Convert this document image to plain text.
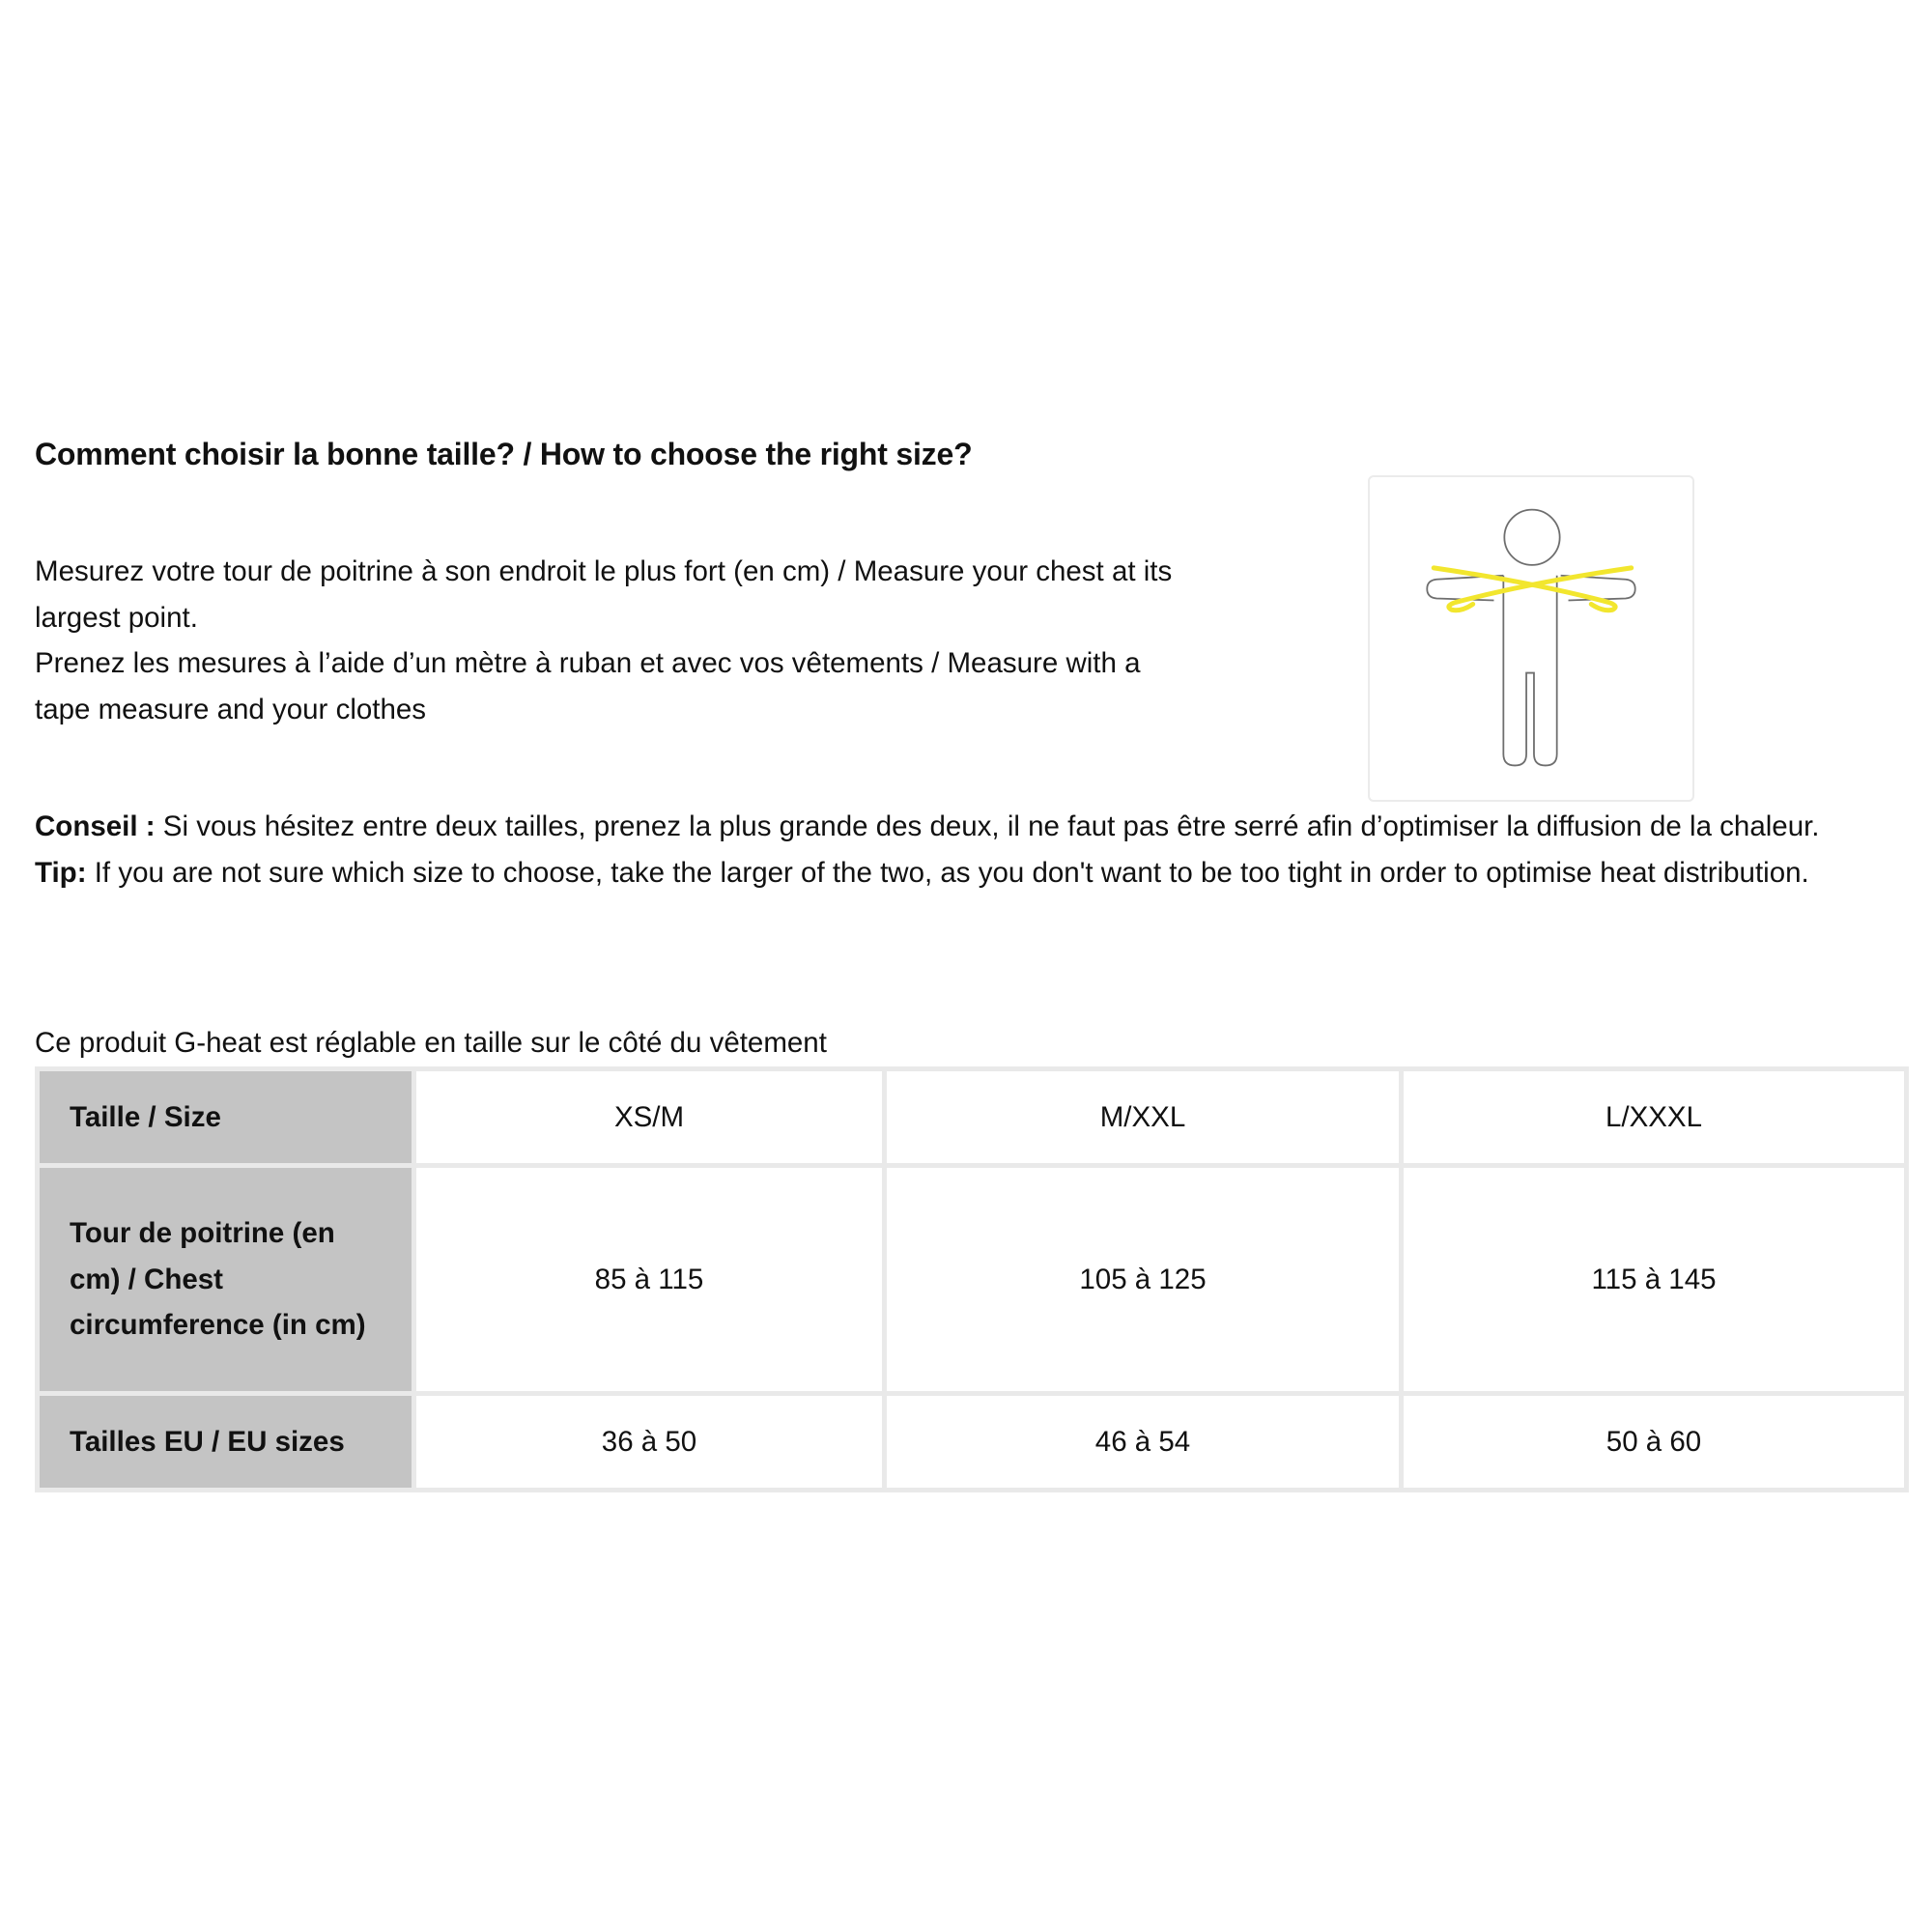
Comment choisir la bonne taille? / How to choose the right size?

Mesurez votre tour de poitrine à son endroit le plus fort (en cm) / Measure your chest at its largest point.

Prenez les mesures à l’aide d’un mètre à ruban et avec vos vêtements / Measure with a tape measure and your clothes

Conseil : Si vous hésitez entre deux tailles, prenez la plus grande des deux, il ne faut pas être serré afin d’optimiser la diffusion de la chaleur.

Tip: If you are not sure which size to choose, take the larger of the two, as you don't want to be too tight in order to optimise heat distribution.

Ce produit G-heat est réglable en taille sur le côté du vêtement
Taille / Size	XS/M	M/XXL	L/XXXL
Tour de poitrine (en cm) / Chest circumference (in cm)	85 à 115	105 à 125	115 à 145
Tailles EU / EU sizes	36 à 50	46 à 54	50 à 60
